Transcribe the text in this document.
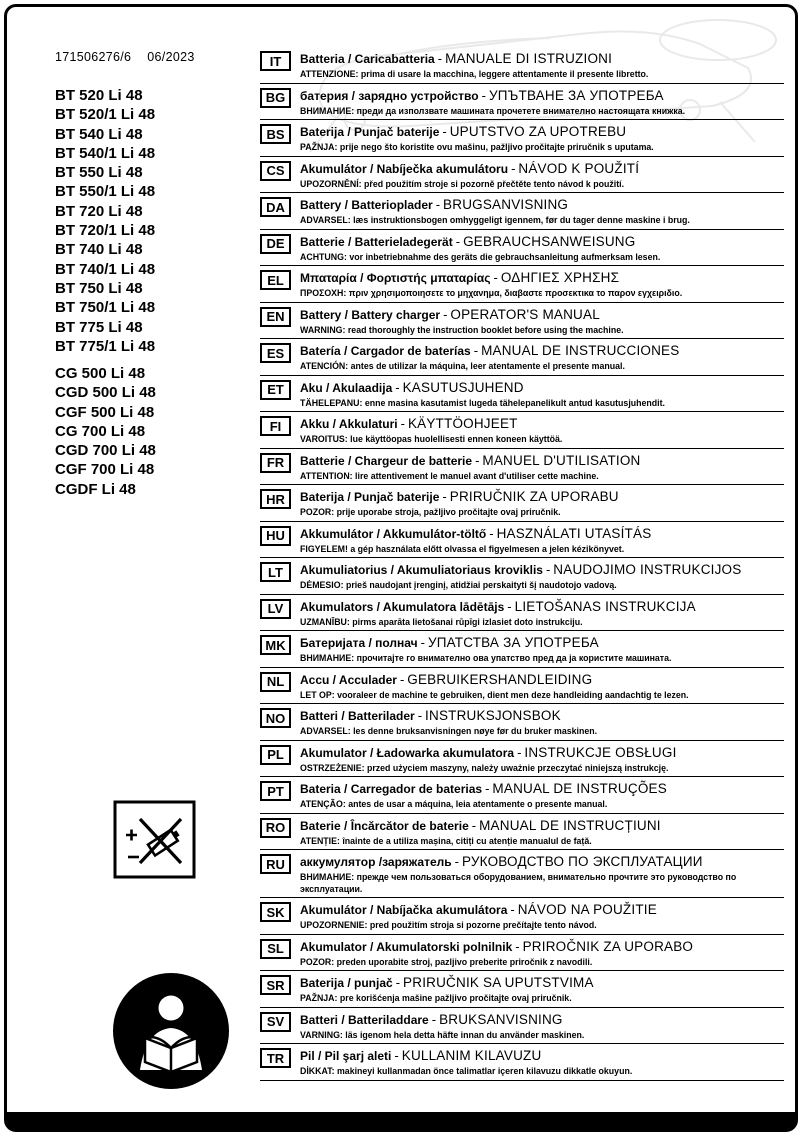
171506276/6 06/2023
BT 520 Li 48
BT 520/1 Li 48
BT 540 Li 48
BT 540/1 Li 48
BT 550 Li 48
BT 550/1 Li 48
BT 720 Li 48
BT 720/1 Li 48
BT 740 Li 48
BT 740/1 Li 48
BT 750 Li 48
BT 750/1 Li 48
BT 775 Li 48
BT 775/1 Li 48
CG 500 Li 48
CGD 500 Li 48
CGF 500 Li 48
CG 700 Li 48
CGD 700 Li 48
CGF 700 Li 48
CGDF Li 48
IT Batteria / Caricabatteria - MANUALE DI ISTRUZIONI
ATTENZIONE: prima di usare la macchina, leggere attentamente il presente libretto.
BG батерия / зарядно устройство - УПЪТВАНЕ ЗА УПОТРЕБА
ВНИМАНИЕ: преди да използвате машината прочетете внимателно настоящата книжка.
BS Baterija / Punjač baterije - UPUTSTVO ZA UPOTREBU
PAŽNJA: prije nego što koristite ovu mašinu, pažljivo pročitajte priručnik s uputama.
CS Akumulátor / Nabíječka akumulátoru - NÁVOD K POUŽITÍ
UPOZORNĚNÍ: před použitím stroje si pozorně přečtěte tento návod k použití.
DA Battery / Batterioplader - BRUGSANVISNING
ADVARSEL: læs instruktionsbogen omhyggeligt igennem, før du tager denne maskine i brug.
DE Batterie / Batterieladegerät - GEBRAUCHSANWEISUNG
ACHTUNG: vor inbetriebnahme des geräts die gebrauchsanleitung aufmerksam lesen.
EL Μπαταρία / Φορτιστής μπαταρίας - ΟΔΗΓΙΕΣ ΧΡΗΣΗΣ
ΠΡΟΣΟΧΗ: πριν χρησιμοποιησετε το μηχανημα, διαβαστε προσεκτικα το παρον εγχειριδιο.
EN Battery / Battery charger - OPERATOR'S MANUAL
WARNING: read thoroughly the instruction booklet before using the machine.
ES Batería / Cargador de baterías - MANUAL DE INSTRUCCIONES
ATENCIÓN: antes de utilizar la máquina, leer atentamente el presente manual.
ET Aku / Akulaadija - KASUTUSJUHEND
TÄHELEPANU: enne masina kasutamist lugeda tähelepanelikult antud kasutusjuhendit.
FI Akku / Akkulaturi - KÄYTTÖOHJEET
VAROITUS: lue käyttöopas huolellisesti ennen koneen käyttöä.
FR Batterie / Chargeur de batterie - MANUEL D'UTILISATION
ATTENTION: lire attentivement le manuel avant d'utiliser cette machine.
HR Baterija / Punjač baterije - PRIRUČNIK ZA UPORABU
POZOR: prije uporabe stroja, pažljivo pročitajte ovaj priručnik.
HU Akkumulátor / Akkumulátor-töltő - HASZNÁLATI UTASÍTÁS
FIGYELEM! a gép használata előtt olvassa el figyelmesen a jelen kézikönyvet.
LT Akumuliatorius / Akumuliatoriaus kroviklis - NAUDOJIMO INSTRUKCIJOS
DĖMESIO: prieš naudojant įrenginį, atidžiai perskaityti šį naudotojo vadovą.
LV Akumulators / Akumulatora lādētājs - LIETOŠANAS INSTRUKCIJA
UZMANĪBU: pirms aparāta lietošanai rūpīgi izlasiet doto instrukciju.
MK Батеријата / полнач - УПАТСТВА ЗА УПОТРЕБА
ВНИМАНИЕ: прочитајте го внимателно ова упатство пред да ја користите машината.
NL Accu / Acculader - GEBRUIKERSHANDLEIDING
LET OP: vooraleer de machine te gebruiken, dient men deze handleiding aandachtig te lezen.
NO Batteri / Batterilader - INSTRUKSJONSBOK
ADVARSEL: les denne bruksanvisningen nøye før du bruker maskinen.
PL Akumulator / Ładowarka akumulatora - INSTRUKCJE OBSŁUGI
OSTRZEŻENIE: przed użyciem maszyny, należy uważnie przeczytać niniejszą instrukcję.
PT Bateria / Carregador de baterias - MANUAL DE INSTRUÇÕES
ATENÇÃO: antes de usar a máquina, leia atentamente o presente manual.
RO Baterie / Încărcător de baterie - MANUAL DE INSTRUCȚIUNI
ATENȚIE: înainte de a utiliza mașina, citiți cu atenție manualul de față.
RU аккумулятор /заряжатель - РУКОВОДСТВО ПО ЭКСПЛУАТАЦИИ
ВНИМАНИЕ: прежде чем пользоваться оборудованием, внимательно прочтите это руководство по эксплуатации.
SK Akumulátor / Nabíjačka akumulátora - NÁVOD NA POUŽITIE
UPOZORNENIE: pred použitím stroja si pozorne prečítajte tento návod.
SL Akumulator / Akumulatorski polnilnik - PRIROČNIK ZA UPORABO
POZOR: preden uporabite stroj, pazljivo preberite priročnik z navodili.
SR Baterija / punjač - PRIRUČNIK SA UPUTSTVIMA
PAŽNJA: pre korišćenja mašine pažljivo pročitajte ovaj priručnik.
SV Batteri / Batteriladdare - BRUKSANVISNING
VARNING: läs igenom hela detta häfte innan du använder maskinen.
TR Pil / Pil şarj aleti - KULLANIM KILAVUZU
DİKKAT: makineyi kullanmadan önce talimatlar içeren kilavuzu dikkatle okuyun.
